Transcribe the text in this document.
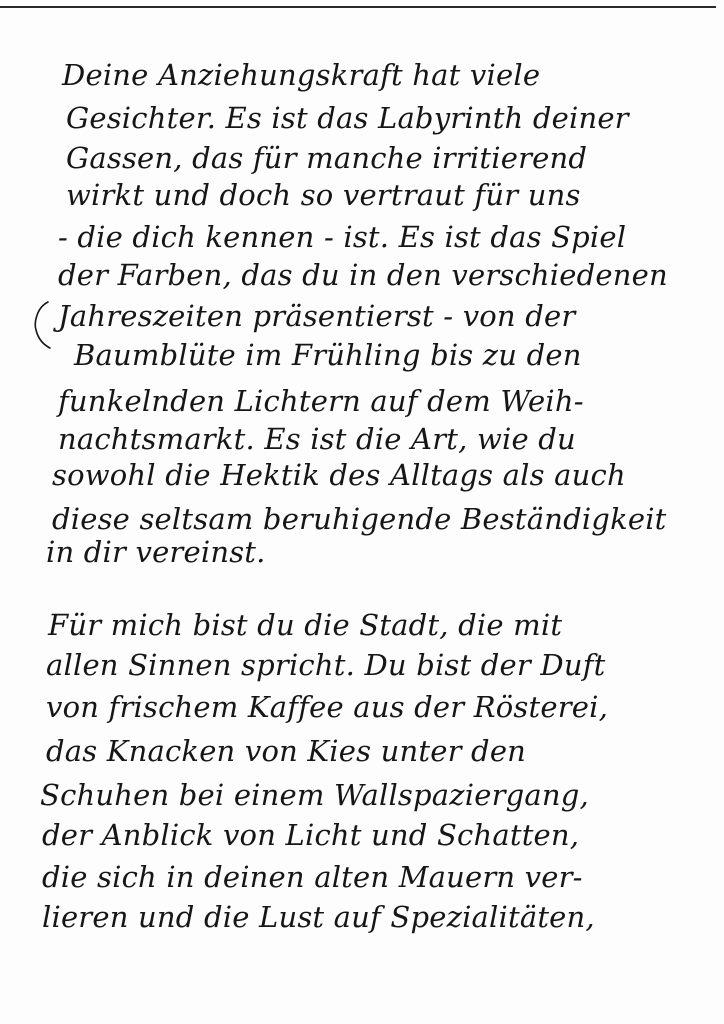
Deine Anziehungskraft hat viele
Gesichter. Es ist das Labyrinth deiner
Gassen, das für manche irritierend
wirkt und doch so vertraut für uns
- die dich kennen - ist. Es ist das Spiel
der Farben, das du in den verschiedenen
Jahreszeiten präsentierst - von der
Baumblüte im Frühling bis zu den
funkelnden Lichtern auf dem Weih-
nachtsmarkt. Es ist die Art, wie du
sowohl die Hektik des Alltags als auch
diese seltsam beruhigende Beständigkeit
in dir vereinst.
Für mich bist du die Stadt, die mit
allen Sinnen spricht. Du bist der Duft
von frischem Kaffee aus der Rösterei,
das Knacken von Kies unter den
Schuhen bei einem Wallspaziergang,
der Anblick von Licht und Schatten,
die sich in deinen alten Mauern ver-
lieren und die Lust auf Spezialitäten,
